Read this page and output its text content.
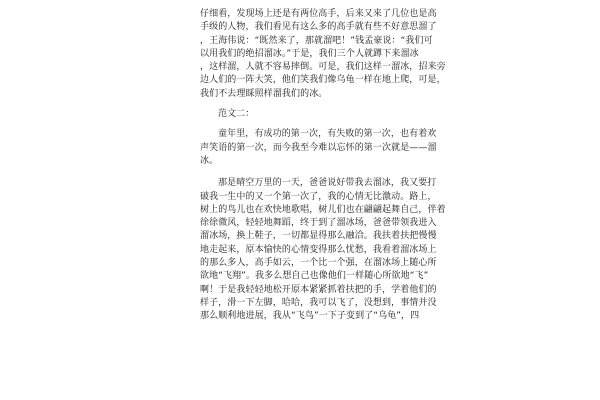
仔细看，发现场上还是有两位高手，后来又来了几位也是高
手级的人物，我们看见有这么多的高手就有些不好意思溜了
，王海伟说：“既然来了，那就溜吧！”钱孟豪说：“我们可
以用我们的绝招溜冰。”于是，我们三个人就蹲下来溜冰
，这样溜，人就不容易摔倒。可是，我们这样一溜冰，招来旁
边人们的一阵大笑，他们笑我们像乌龟一样在地上爬，可是，
我们不去理睬照样溜我们的冰。
范文二：
童年里，有成功的第一次，有失败的第一次，也有着欢
声笑语的第一次，而今我至今难以忘怀的第一次就是——溜
冰。
那是晴空万里的一天，爸爸说好带我去溜冰，我又要打
破我一生中的又一个第一次了，我的心情无比激动。路上，
树上的鸟儿也在欢快地歌唱，树儿们也在翩翩起舞自己，伴着
徐徐微风，轻轻地舞蹈，终于到了溜冰场，爸爸带领我进入
溜冰场，换上鞋子，一切都显得那么融洽。我扶着扶把慢慢
地走起来，原本愉快的心情变得那么忧愁，我看着溜冰场上
的那么多人，高手如云，一个比一个强，在溜冰场上随心所
欲地“飞翔”。我多么想自己也像他们一样随心所欲地“飞”
啊！于是我轻轻地松开原本紧紧抓着扶把的手，学着他们的
样子，滑一下左脚，哈哈，我可以飞了，没想到，事情并没
那么顺利地进展，我从“飞鸟”一下子变到了“乌龟”，四
